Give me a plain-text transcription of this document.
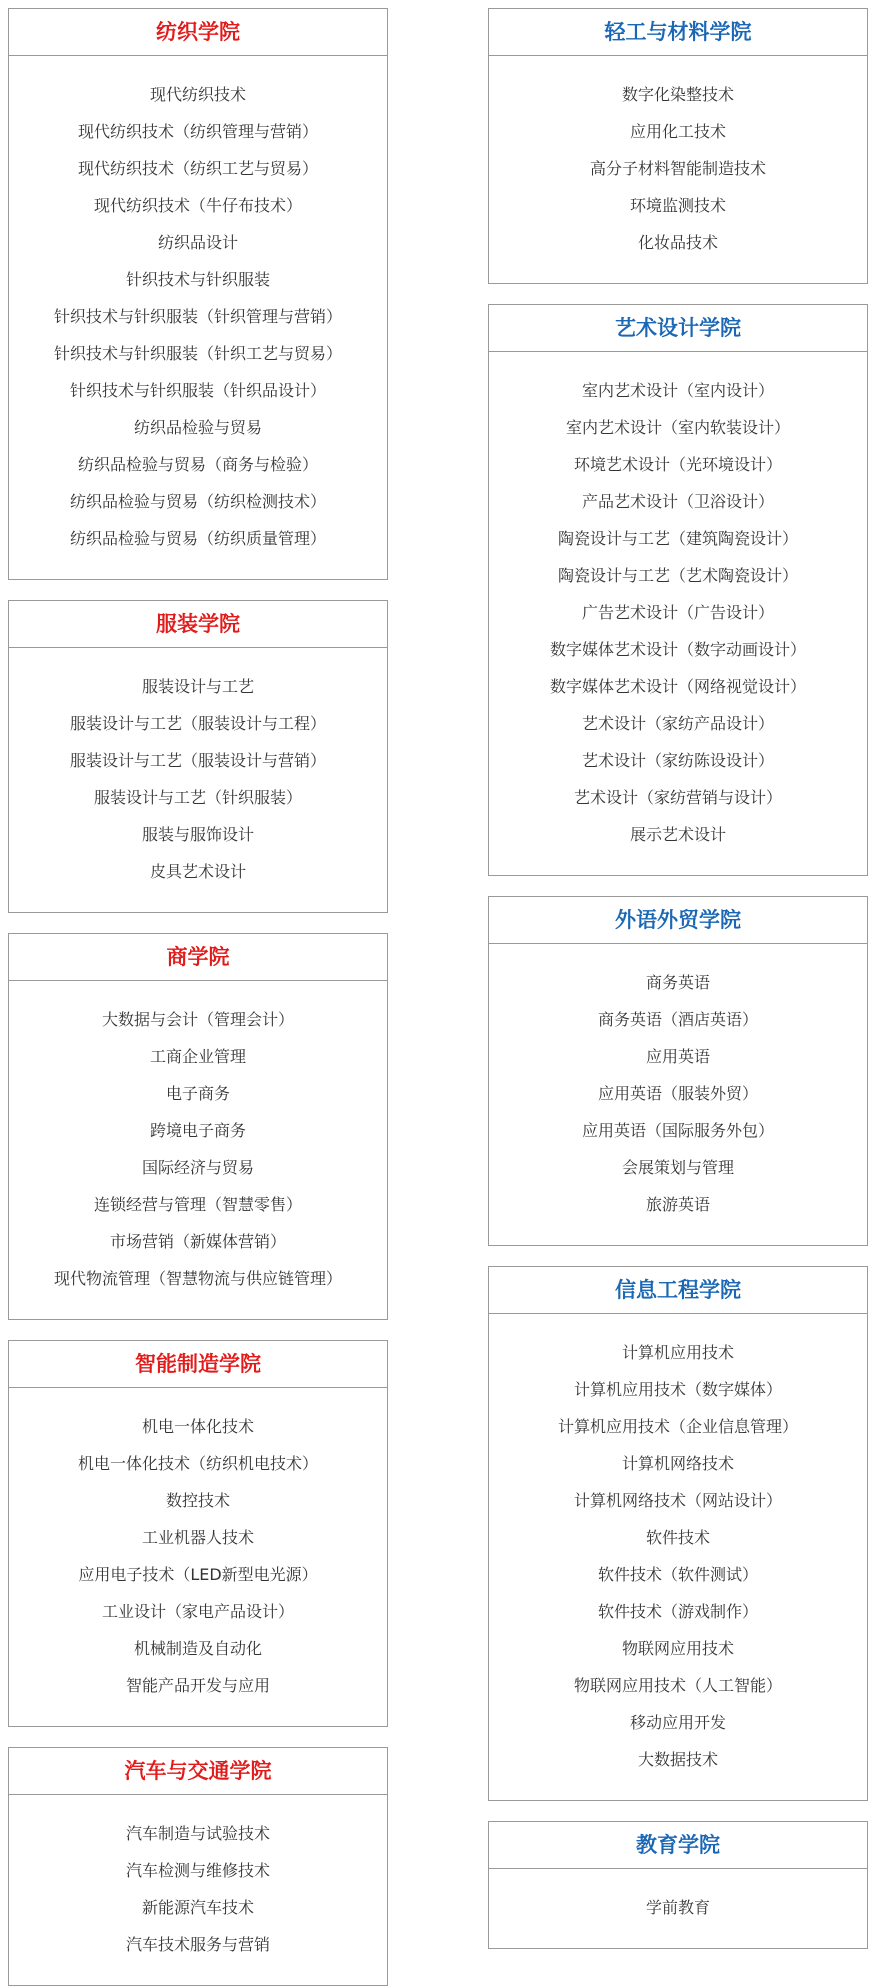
纺织学院
现代纺织技术
现代纺织技术（纺织管理与营销）
现代纺织技术（纺织工艺与贸易）
现代纺织技术（牛仔布技术）
纺织品设计
针织技术与针织服装
针织技术与针织服装（针织管理与营销）
针织技术与针织服装（针织工艺与贸易）
针织技术与针织服装（针织品设计）
纺织品检验与贸易
纺织品检验与贸易（商务与检验）
纺织品检验与贸易（纺织检测技术）
纺织品检验与贸易（纺织质量管理）
服装学院
服装设计与工艺
服装设计与工艺（服装设计与工程）
服装设计与工艺（服装设计与营销）
服装设计与工艺（针织服装）
服装与服饰设计
皮具艺术设计
商学院
大数据与会计（管理会计）
工商企业管理
电子商务
跨境电子商务
国际经济与贸易
连锁经营与管理（智慧零售）
市场营销（新媒体营销）
现代物流管理（智慧物流与供应链管理）
智能制造学院
机电一体化技术
机电一体化技术（纺织机电技术）
数控技术
工业机器人技术
应用电子技术（LED新型电光源）
工业设计（家电产品设计）
机械制造及自动化
智能产品开发与应用
汽车与交通学院
汽车制造与试验技术
汽车检测与维修技术
新能源汽车技术
汽车技术服务与营销
轻工与材料学院
数字化染整技术
应用化工技术
高分子材料智能制造技术
环境监测技术
化妆品技术
艺术设计学院
室内艺术设计（室内设计）
室内艺术设计（室内软装设计）
环境艺术设计（光环境设计）
产品艺术设计（卫浴设计）
陶瓷设计与工艺（建筑陶瓷设计）
陶瓷设计与工艺（艺术陶瓷设计）
广告艺术设计（广告设计）
数字媒体艺术设计（数字动画设计）
数字媒体艺术设计（网络视觉设计）
艺术设计（家纺产品设计）
艺术设计（家纺陈设设计）
艺术设计（家纺营销与设计）
展示艺术设计
外语外贸学院
商务英语
商务英语（酒店英语）
应用英语
应用英语（服装外贸）
应用英语（国际服务外包）
会展策划与管理
旅游英语
信息工程学院
计算机应用技术
计算机应用技术（数字媒体）
计算机应用技术（企业信息管理）
计算机网络技术
计算机网络技术（网站设计）
软件技术
软件技术（软件测试）
软件技术（游戏制作）
物联网应用技术
物联网应用技术（人工智能）
移动应用开发
大数据技术
教育学院
学前教育
